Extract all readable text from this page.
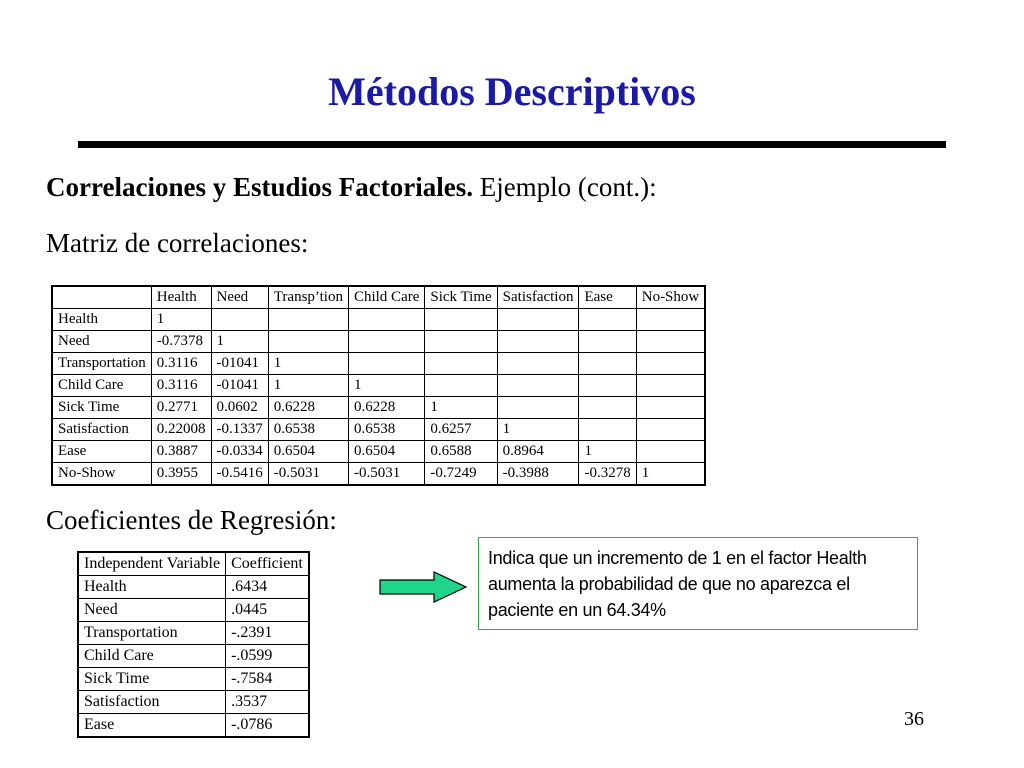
Métodos Descriptivos
Correlaciones y Estudios Factoriales. Ejemplo (cont.):
Matriz de correlaciones:
	Health	Need	Transp’tion	Child Care	Sick Time	Satisfaction	Ease	No-Show
Health	1							
Need	-0.7378	1						
Transportation	0.3116	-01041	1					
Child Care	0.3116	-01041	1	1				
Sick Time	0.2771	0.0602	0.6228	0.6228	1			
Satisfaction	0.22008	-0.1337	0.6538	0.6538	0.6257	1		
Ease	0.3887	-0.0334	0.6504	0.6504	0.6588	0.8964	1	
No-Show	0.3955	-0.5416	-0.5031	-0.5031	-0.7249	-0.3988	-0.3278	1
Coeficientes de Regresión:
Independent Variable	Coefficient
Health	.6434
Need	.0445
Transportation	-.2391
Child Care	-.0599
Sick Time	-.7584
Satisfaction	.3537
Ease	-.0786
Indica que un incremento de 1 en el factor Health aumenta la probabilidad de que no aparezca el paciente en un 64.34%
36
